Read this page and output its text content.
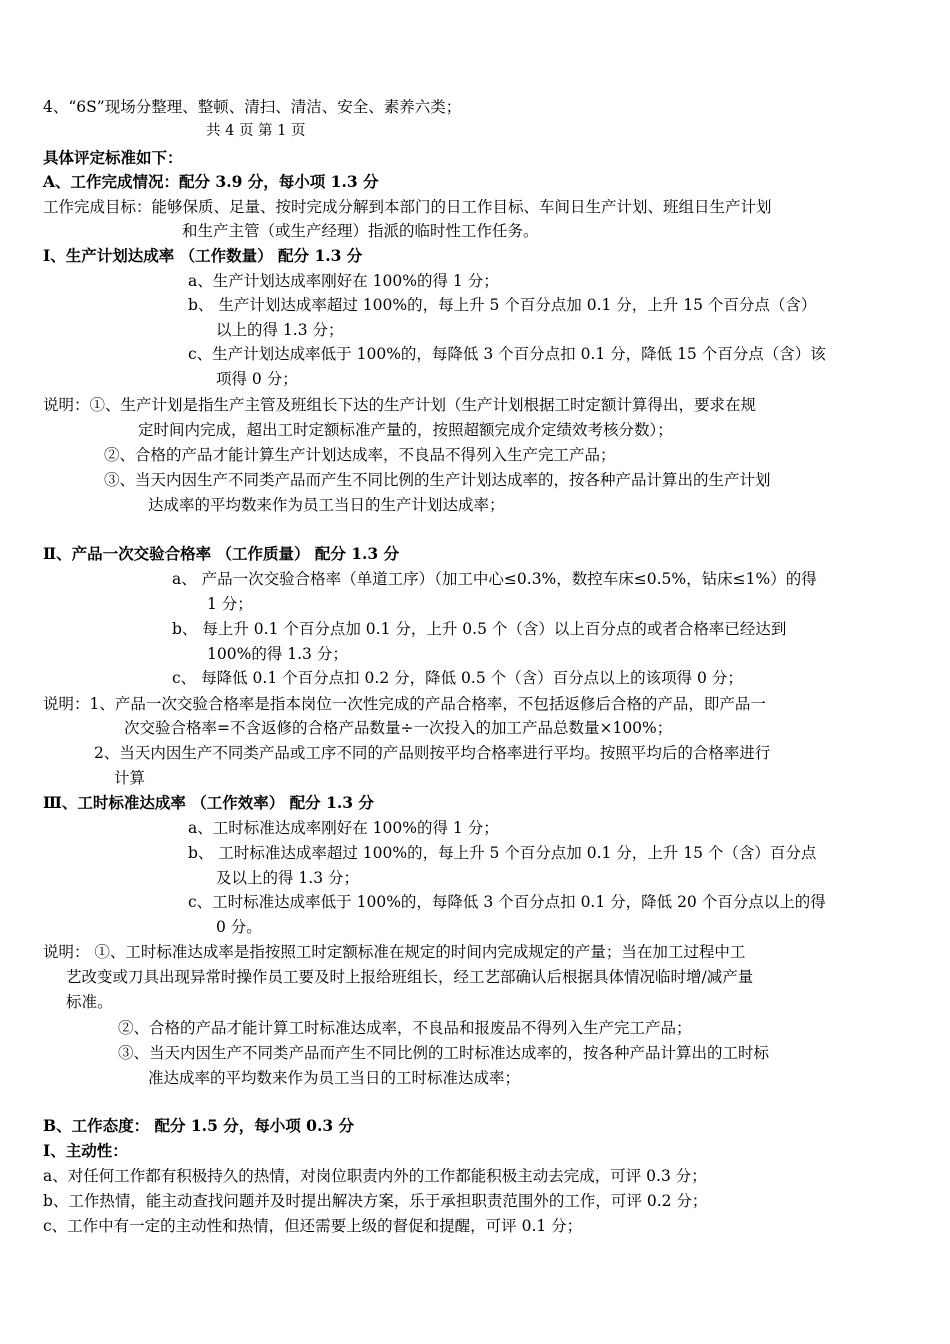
4、“6S”现场分整理、整顿、清扫、清洁、安全、素养六类；
共 4 页 第 1 页
具体评定标准如下：
A、工作完成情况：配分 3.9 分，每小项 1.3 分
工作完成目标：能够保质、足量、按时完成分解到本部门的日工作目标、车间日生产计划、班组日生产计划
和生产主管（或生产经理）指派的临时性工作任务。
Ⅰ、生产计划达成率 （工作数量） 配分 1.3 分
a、生产计划达成率刚好在 100%的得 1 分；
b、 生产计划达成率超过 100%的，每上升 5 个百分点加 0.1 分，上升 15 个百分点（含）
以上的得 1.3 分；
c、生产计划达成率低于 100%的，每降低 3 个百分点扣 0.1 分，降低 15 个百分点（含）该
项得 0 分；
说明：①、生产计划是指生产主管及班组长下达的生产计划（生产计划根据工时定额计算得出，要求在规
定时间内完成，超出工时定额标准产量的，按照超额完成介定绩效考核分数）；
②、合格的产品才能计算生产计划达成率，不良品不得列入生产完工产品；
③、当天内因生产不同类产品而产生不同比例的生产计划达成率的，按各种产品计算出的生产计划
达成率的平均数来作为员工当日的生产计划达成率；
Ⅱ、产品一次交验合格率 （工作质量） 配分 1.3 分
a、 产品一次交验合格率（单道工序）（加工中心≤0.3%，数控车床≤0.5%，钻床≤1%）的得
1 分；
b、 每上升 0.1 个百分点加 0.1 分，上升 0.5 个（含）以上百分点的或者合格率已经达到
100%的得 1.3 分；
c、 每降低 0.1 个百分点扣 0.2 分，降低 0.5 个（含）百分点以上的该项得 0 分；
说明：1、产品一次交验合格率是指本岗位一次性完成的产品合格率，不包括返修后合格的产品，即产品一
次交验合格率=不含返修的合格产品数量÷一次投入的加工产品总数量×100%；
2、当天内因生产不同类产品或工序不同的产品则按平均合格率进行平均。按照平均后的合格率进行
计算
Ⅲ、工时标准达成率 （工作效率） 配分 1.3 分
a、工时标准达成率刚好在 100%的得 1 分；
b、 工时标准达成率超过 100%的，每上升 5 个百分点加 0.1 分，上升 15 个（含）百分点
及以上的得 1.3 分；
c、工时标准达成率低于 100%的，每降低 3 个百分点扣 0.1 分，降低 20 个百分点以上的得
0 分。
说明： ①、工时标准达成率是指按照工时定额标准在规定的时间内完成规定的产量；当在加工过程中工
艺改变或刀具出现异常时操作员工要及时上报给班组长，经工艺部确认后根据具体情况临时增/减产量
标准。
②、合格的产品才能计算工时标准达成率，不良品和报废品不得列入生产完工产品；
③、当天内因生产不同类产品而产生不同比例的工时标准达成率的，按各种产品计算出的工时标
准达成率的平均数来作为员工当日的工时标准达成率；
B、工作态度： 配分 1.5 分，每小项 0.3 分
Ⅰ、主动性：
a、对任何工作都有积极持久的热情，对岗位职责内外的工作都能积极主动去完成，可评 0.3 分；
b、工作热情，能主动查找问题并及时提出解决方案，乐于承担职责范围外的工作，可评 0.2 分；
c、工作中有一定的主动性和热情，但还需要上级的督促和提醒，可评 0.1 分；
